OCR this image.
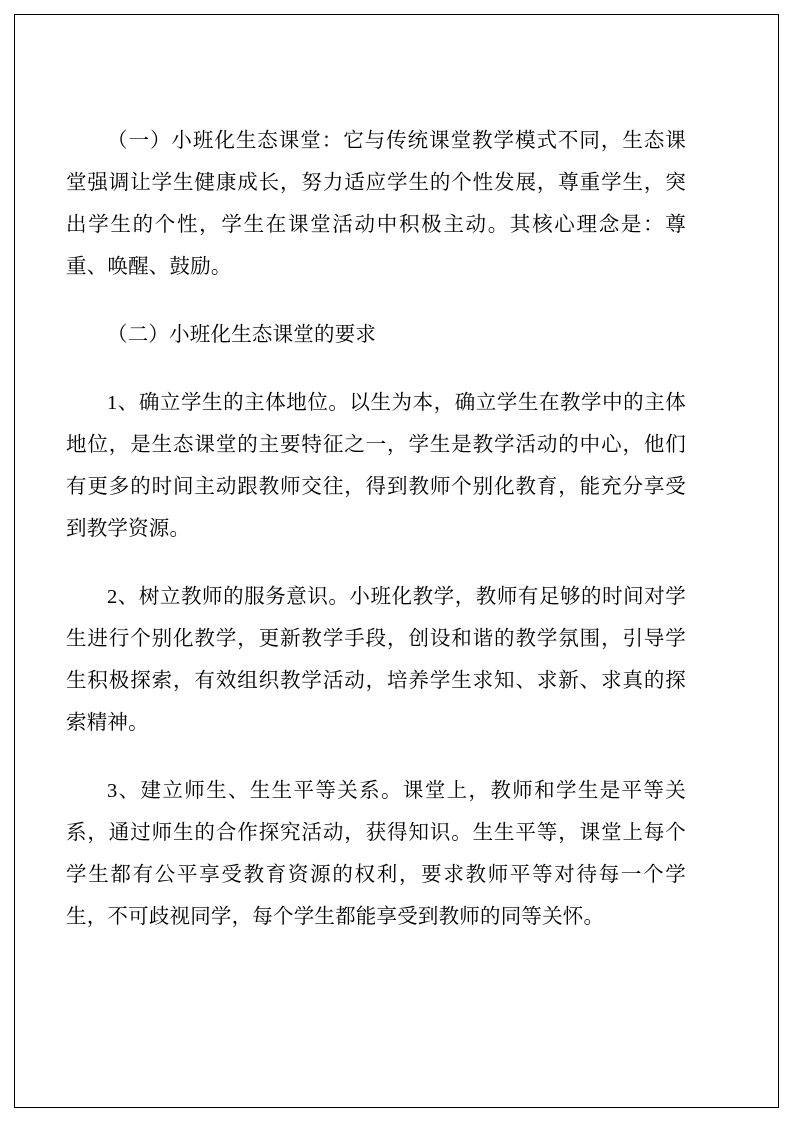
（一）小班化生态课堂：它与传统课堂教学模式不同，生态课堂强调让学生健康成长，努力适应学生的个性发展，尊重学生，突出学生的个性，学生在课堂活动中积极主动。其核心理念是：尊重、唤醒、鼓励。

（二）小班化生态课堂的要求

1、确立学生的主体地位。以生为本，确立学生在教学中的主体地位，是生态课堂的主要特征之一，学生是教学活动的中心，他们有更多的时间主动跟教师交往，得到教师个别化教育，能充分享受到教学资源。

2、树立教师的服务意识。小班化教学，教师有足够的时间对学生进行个别化教学，更新教学手段，创设和谐的教学氛围，引导学生积极探索，有效组织教学活动，培养学生求知、求新、求真的探索精神。

3、建立师生、生生平等关系。课堂上，教师和学生是平等关系，通过师生的合作探究活动，获得知识。生生平等，课堂上每个学生都有公平享受教育资源的权利，要求教师平等对待每一个学生，不可歧视同学，每个学生都能享受到教师的同等关怀。
